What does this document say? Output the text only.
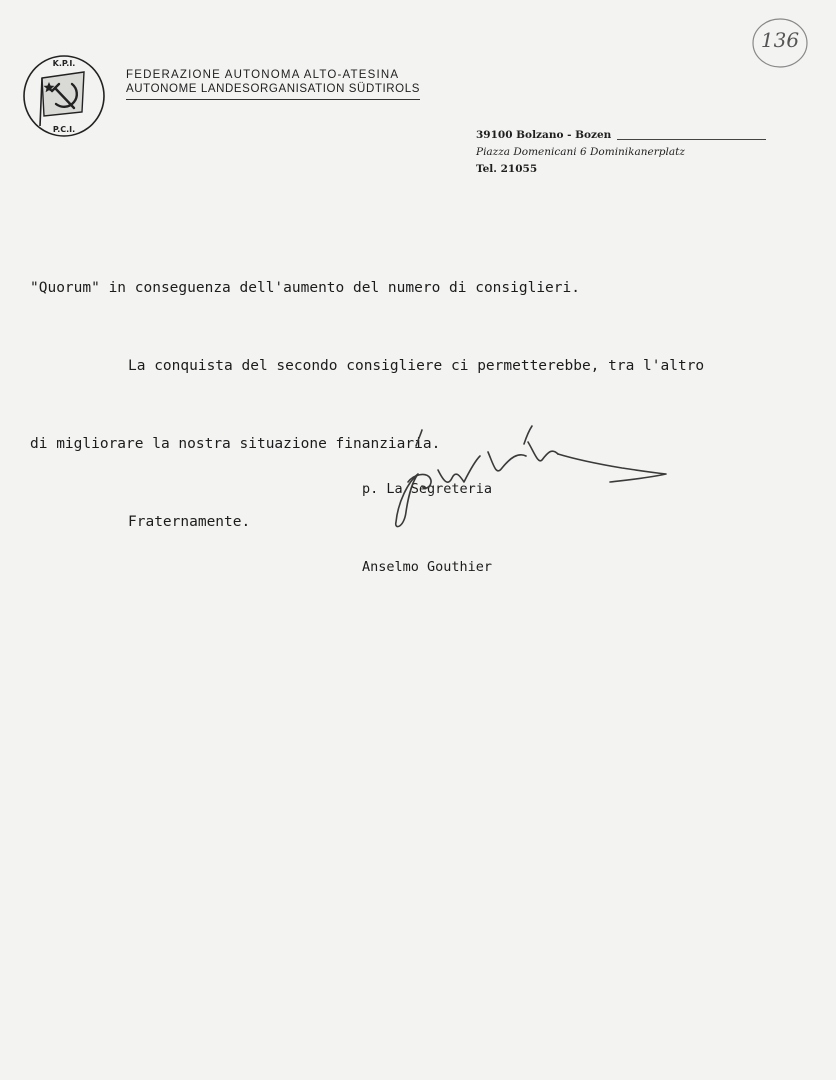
136
K.P.I.
P.C.I.
FEDERAZIONE AUTONOMA ALTO-ATESINA
AUTONOME LANDESORGANISATION SÜDTIROLS
39100 Bolzano - Bozen
Piazza Domenicani 6 Dominikanerplatz
Tel. 21055

"Quorum" in conseguenza dell'aumento del numero di consiglieri.

La conquista del secondo consigliere ci permetterebbe, tra l'altro

di migliorare la nostra situazione finanziaria.

Fraternamente.

p. La Segreteria

Anselmo Gouthier
